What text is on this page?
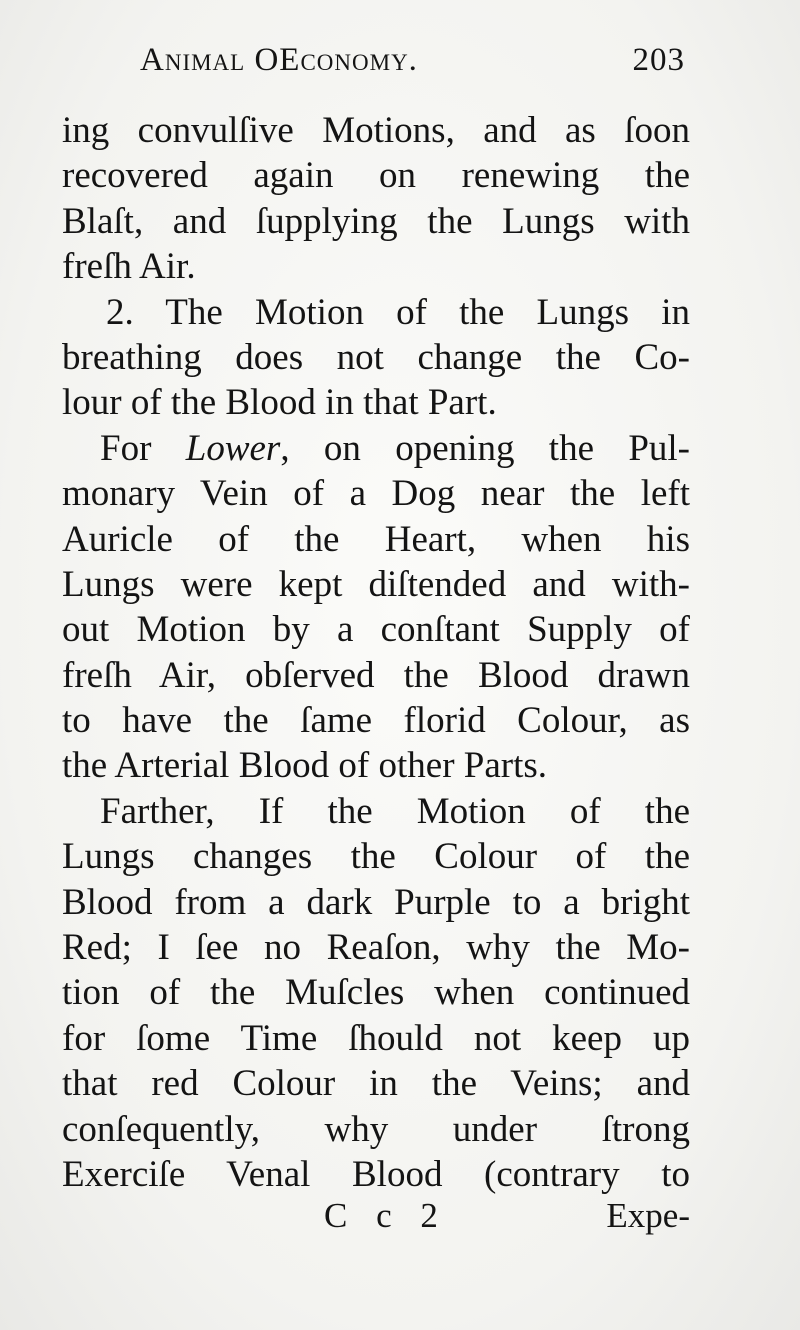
Animal OEconomy.	203
ing convulſive Motions, and as ſoon
recovered again on renewing the
Blaſt, and ſupplying the Lungs with
freſh Air.
2. The Motion of the Lungs in
breathing does not change the Co-
lour of the Blood in that Part.
For Lower, on opening the Pul-
monary Vein of a Dog near the left
Auricle of the Heart, when his
Lungs were kept diſtended and with-
out Motion by a conſtant Supply of
freſh Air, obſerved the Blood drawn
to have the ſame florid Colour, as
the Arterial Blood of other Parts.
Farther, If the Motion of the
Lungs changes the Colour of the
Blood from a dark Purple to a bright
Red; I ſee no Reaſon, why the Mo-
tion of the Muſcles when continued
for ſome Time ſhould not keep up
that red Colour in the Veins; and
conſequently, why under ſtrong
Exerciſe Venal Blood (contrary to
C c 2	Expe-
